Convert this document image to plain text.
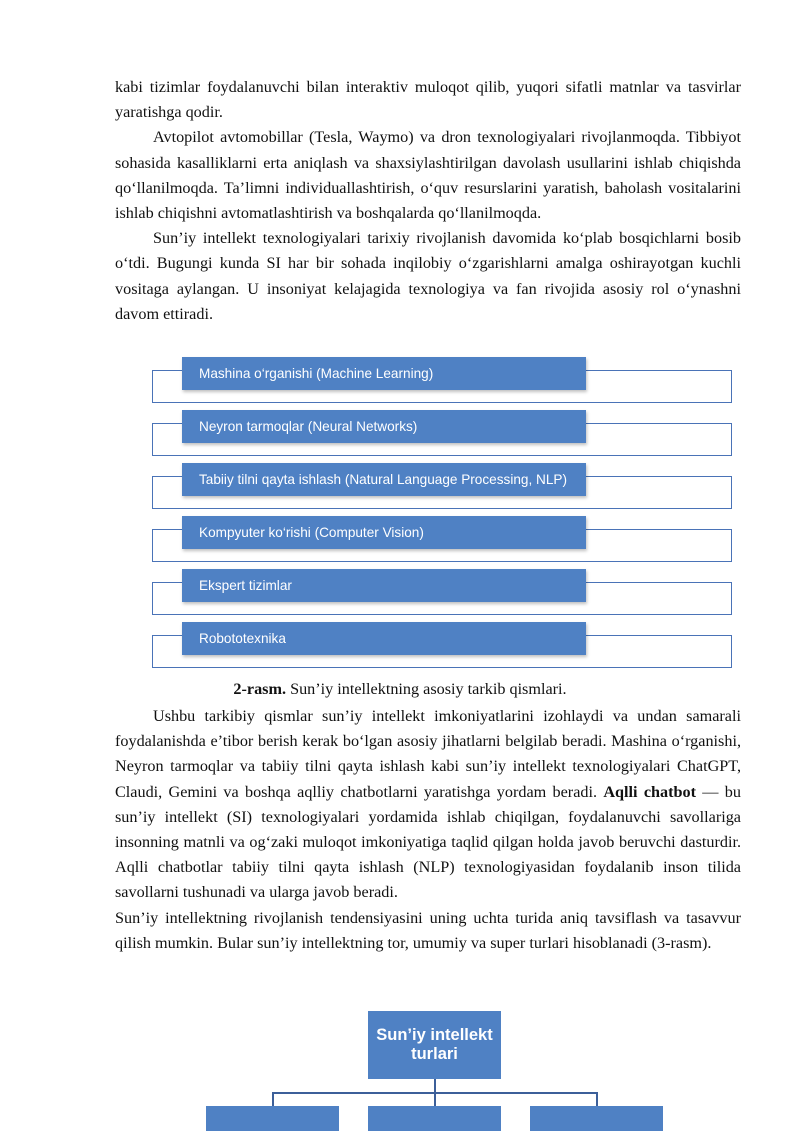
kabi tizimlar foydalanuvchi bilan interaktiv muloqot qilib, yuqori sifatli matnlar va tasvirlar yaratishga qodir.

Avtopilot avtomobillar (Tesla, Waymo) va dron texnologiyalari rivojlanmoqda. Tibbiyot sohasida kasalliklarni erta aniqlash va shaxsiylashtirilgan davolash usullarini ishlab chiqishda qo‘llanilmoqda. Ta’limni individuallashtirish, o‘quv resurslarini yaratish, baholash vositalarini ishlab chiqishni avtomatlashtirish va boshqalarda qo‘llanilmoqda.

Sun’iy intellekt texnologiyalari tarixiy rivojlanish davomida ko‘plab bosqichlarni bosib o‘tdi. Bugungi kunda SI har bir sohada inqilobiy o‘zgarishlarni amalga oshirayotgan kuchli vositaga aylangan. U insoniyat kelajagida texnologiya va fan rivojida asosiy rol o‘ynashni davom ettiradi.

Mashina o‘rganishi (Machine Learning)
Neyron tarmoqlar (Neural Networks)
Tabiiy tilni qayta ishlash (Natural Language Processing, NLP)
Kompyuter ko‘rishi (Computer Vision)
Ekspert tizimlar
Robototexnika
2-rasm. Sun’iy intellektning asosiy tarkib qismlari.

Ushbu tarkibiy qismlar sun’iy intellekt imkoniyatlarini izohlaydi va undan samarali foydalanishda e’tibor berish kerak bo‘lgan asosiy jihatlarni belgilab beradi. Mashina o‘rganishi, Neyron tarmoqlar va tabiiy tilni qayta ishlash kabi sun’iy intellekt texnologiyalari ChatGPT, Claudi, Gemini va boshqa aqlliy chatbotlarni yaratishga yordam beradi. Aqlli chatbot — bu sun’iy intellekt (SI) texnologiyalari yordamida ishlab chiqilgan, foydalanuvchi savollariga insonning matnli va og‘zaki muloqot imkoniyatiga taqlid qilgan holda javob beruvchi dasturdir. Aqlli chatbotlar tabiiy tilni qayta ishlash (NLP) texnologiyasidan foydalanib inson tilida savollarni tushunadi va ularga javob beradi.

Sun’iy intellektning rivojlanish tendensiyasini uning uchta turida aniq tavsiflash va tasavvur qilish mumkin. Bular sun’iy intellektning tor, umumiy va super turlari hisoblanadi (3-rasm).

Sun’iy intellekt turlari
